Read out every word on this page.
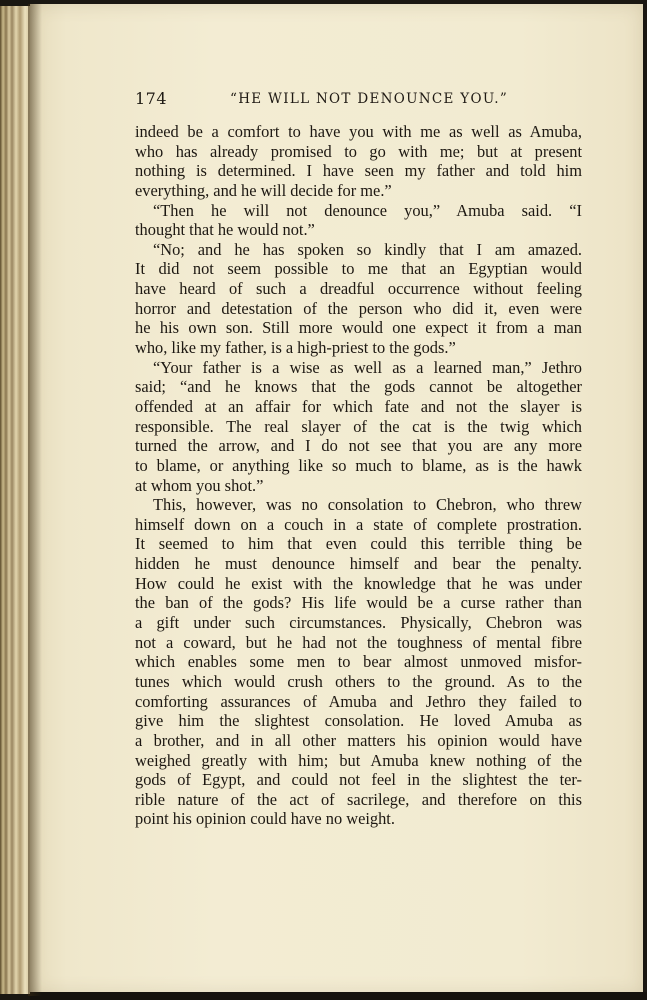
174	“HE WILL NOT DENOUNCE YOU.”
indeed be a comfort to have you with me as well as Amuba,
who has already promised to go with me; but at present
nothing is determined. I have seen my father and told him
everything, and he will decide for me.”
“Then he will not denounce you,” Amuba said. “I
thought that he would not.”
“No; and he has spoken so kindly that I am amazed.
It did not seem possible to me that an Egyptian would
have heard of such a dreadful occurrence without feeling
horror and detestation of the person who did it, even were
he his own son. Still more would one expect it from a man
who, like my father, is a high-priest to the gods.”
“Your father is a wise as well as a learned man,” Jethro
said; “and he knows that the gods cannot be altogether
offended at an affair for which fate and not the slayer is
responsible. The real slayer of the cat is the twig which
turned the arrow, and I do not see that you are any more
to blame, or anything like so much to blame, as is the hawk
at whom you shot.”
This, however, was no consolation to Chebron, who threw
himself down on a couch in a state of complete prostration.
It seemed to him that even could this terrible thing be
hidden he must denounce himself and bear the penalty.
How could he exist with the knowledge that he was under
the ban of the gods? His life would be a curse rather than
a gift under such circumstances. Physically, Chebron was
not a coward, but he had not the toughness of mental fibre
which enables some men to bear almost unmoved misfor-
tunes which would crush others to the ground. As to the
comforting assurances of Amuba and Jethro they failed to
give him the slightest consolation. He loved Amuba as
a brother, and in all other matters his opinion would have
weighed greatly with him; but Amuba knew nothing of the
gods of Egypt, and could not feel in the slightest the ter-
rible nature of the act of sacrilege, and therefore on this
point his opinion could have no weight.
